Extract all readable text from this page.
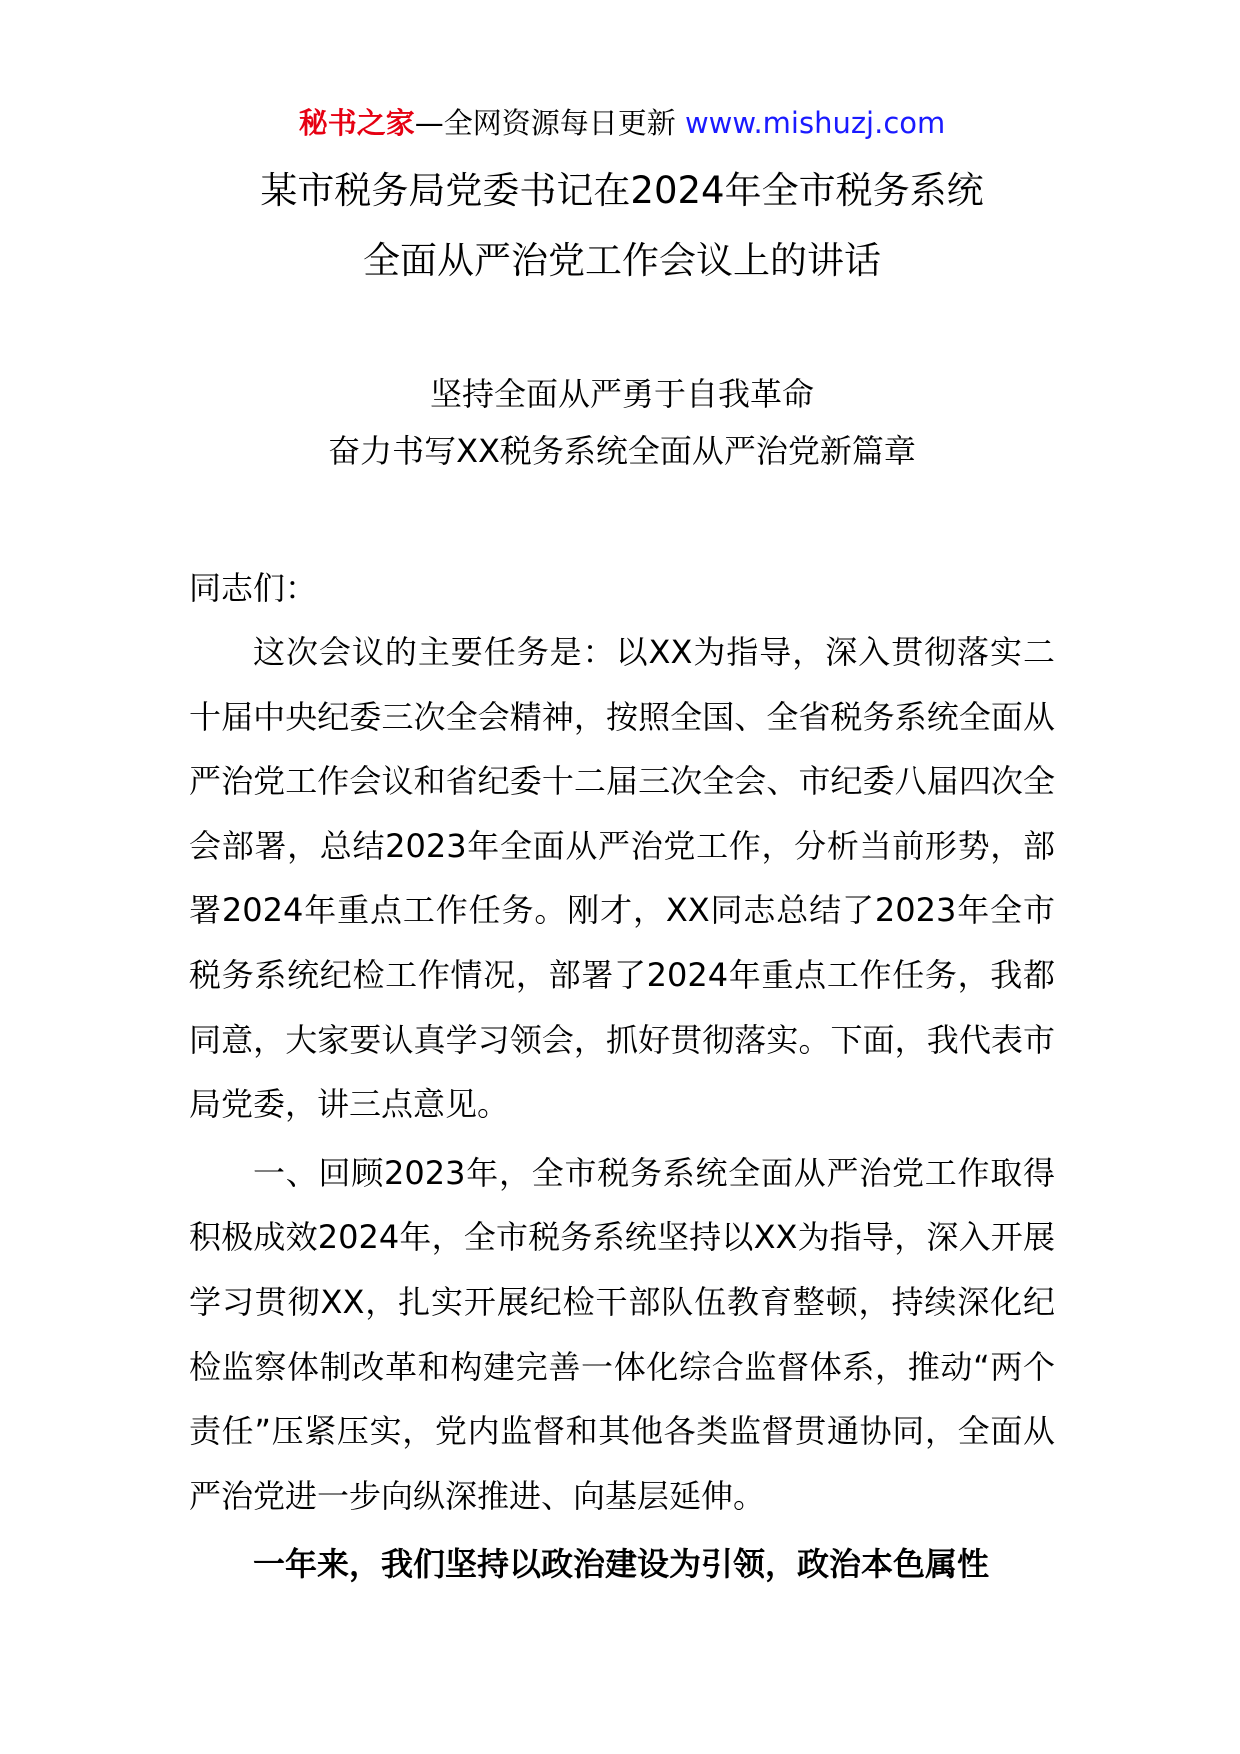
秘书之家—全网资源每日更新 www.mishuzj.com
某市税务局党委书记在2024年全市税务系统
全面从严治党工作会议上的讲话
坚持全面从严勇于自我革命
奋力书写XX税务系统全面从严治党新篇章
同志们：

这次会议的主要任务是：以XX为指导，深入贯彻落实二十届中央纪委三次全会精神，按照全国、全省税务系统全面从严治党工作会议和省纪委十二届三次全会、市纪委八届四次全会部署，总结2023年全面从严治党工作，分析当前形势，部署2024年重点工作任务。刚才，XX同志总结了2023年全市税务系统纪检工作情况，部署了2024年重点工作任务，我都同意，大家要认真学习领会，抓好贯彻落实。下面，我代表市局党委，讲三点意见。

一、回顾2023年，全市税务系统全面从严治党工作取得积极成效2024年，全市税务系统坚持以XX为指导，深入开展学习贯彻XX，扎实开展纪检干部队伍教育整顿，持续深化纪检监察体制改革和构建完善一体化综合监督体系，推动“两个责任”压紧压实，党内监督和其他各类监督贯通协同，全面从严治党进一步向纵深推进、向基层延伸。

一年来，我们坚持以政治建设为引领，政治本色属性
